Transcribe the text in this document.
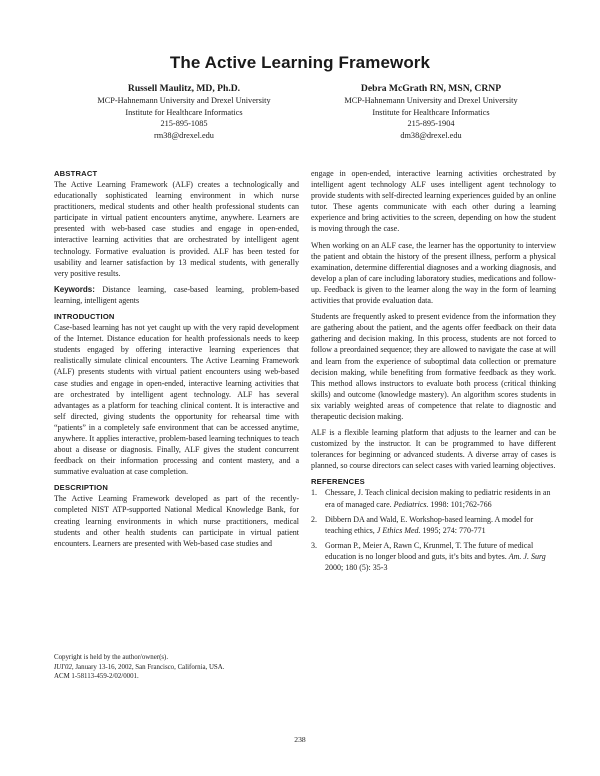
The Active Learning Framework
Russell Maulitz, MD, Ph.D.
MCP-Hahnemann University and Drexel University
Institute for Healthcare Informatics
215-895-1085
rm38@drexel.edu
Debra McGrath RN, MSN, CRNP
MCP-Hahnemann University and Drexel University
Institute for Healthcare Informatics
215-895-1904
dm38@drexel.edu
ABSTRACT

The Active Learning Framework (ALF) creates a technologically and educationally sophisticated learning environment in which nurse practitioners, medical students and other health professional students can participate in virtual patient encounters anytime, anywhere. Learners are presented with web-based case studies and engage in open-ended, interactive learning activities that are orchestrated by intelligent agent technology. Formative evaluation is provided. ALF has been tested for usability and learner satisfaction by 13 medical students, with generally very positive results.

Keywords: Distance learning, case-based learning, problem-based learning, intelligent agents

INTRODUCTION

Case-based learning has not yet caught up with the very rapid development of the Internet. Distance education for health professionals needs to keep students engaged by offering interactive learning experiences that realistically simulate clinical encounters. The Active Learning Framework (ALF) presents students with virtual patient encounters using web-based case studies and engage in open-ended, interactive learning activities that are orchestrated by intelligent agent technology. ALF has several advantages as a platform for teaching clinical content. It is interactive and self directed, giving students the opportunity for rehearsal time with “patients” in a completely safe environment that can be accessed anytime, anywhere. It applies interactive, problem-based learning techniques to teach about a disease or diagnosis. Finally, ALF gives the student concurrent feedback on their information processing and content mastery, and a summative evaluation at case completion.

DESCRIPTION

The Active Learning Framework developed as part of the recently-completed NIST ATP-supported National Medical Knowledge Bank, for creating learning environments in which nurse practitioners, medical students and other health students can participate in virtual patient encounters. Learners are presented with Web-based case studies and

Copyright is held by the author/owner(s).
IUI'02, January 13-16, 2002, San Francisco, California, USA.
ACM 1-58113-459-2/02/0001.

engage in open-ended, interactive learning activities orchestrated by intelligent agent technology ALF uses intelligent agent technology to provide students with self-directed learning experiences guided by an online tutor. These agents communicate with each other during a learning experience and bring activities to the screen, depending on how the student is moving through the case.

When working on an ALF case, the learner has the opportunity to interview the patient and obtain the history of the present illness, perform a physical examination, determine differential diagnoses and a working diagnosis, and develop a plan of care including laboratory studies, medications and follow-up. Feedback is given to the learner along the way in the form of learning activities that provide evaluation data.

Students are frequently asked to present evidence from the information they are gathering about the patient, and the agents offer feedback on their data gathering and decision making. In this process, students are not forced to follow a preordained sequence; they are allowed to navigate the case at will and learn from the experience of suboptimal data collection or premature decision making, while benefiting from formative feedback as they work. This method allows instructors to evaluate both process (critical thinking skills) and outcome (knowledge mastery). An algorithm scores students in six variably weighted areas of competence that relate to diagnostic and therapeutic decision making.

ALF is a flexible learning platform that adjusts to the learner and can be customized by the instructor. It can be programmed to have different tolerances for beginning or advanced students. A diverse array of cases is planned, so course directors can select cases with varied learning objectives.

REFERENCES
1. Chessare, J. Teach clinical decision making to pediatric residents in an era of managed care. Pediatrics. 1998: 101;762-766
2. Dibbern DA and Wald, E. Workshop-based learning. A model for teaching ethics, J Ethics Med. 1995; 274: 770-771
3. Gorman P., Meier A, Rawn C, Krunmel, T. The future of medical education is no longer blood and guts, it’s bits and bytes. Am. J. Surg 2000; 180 (5): 35-3
238
